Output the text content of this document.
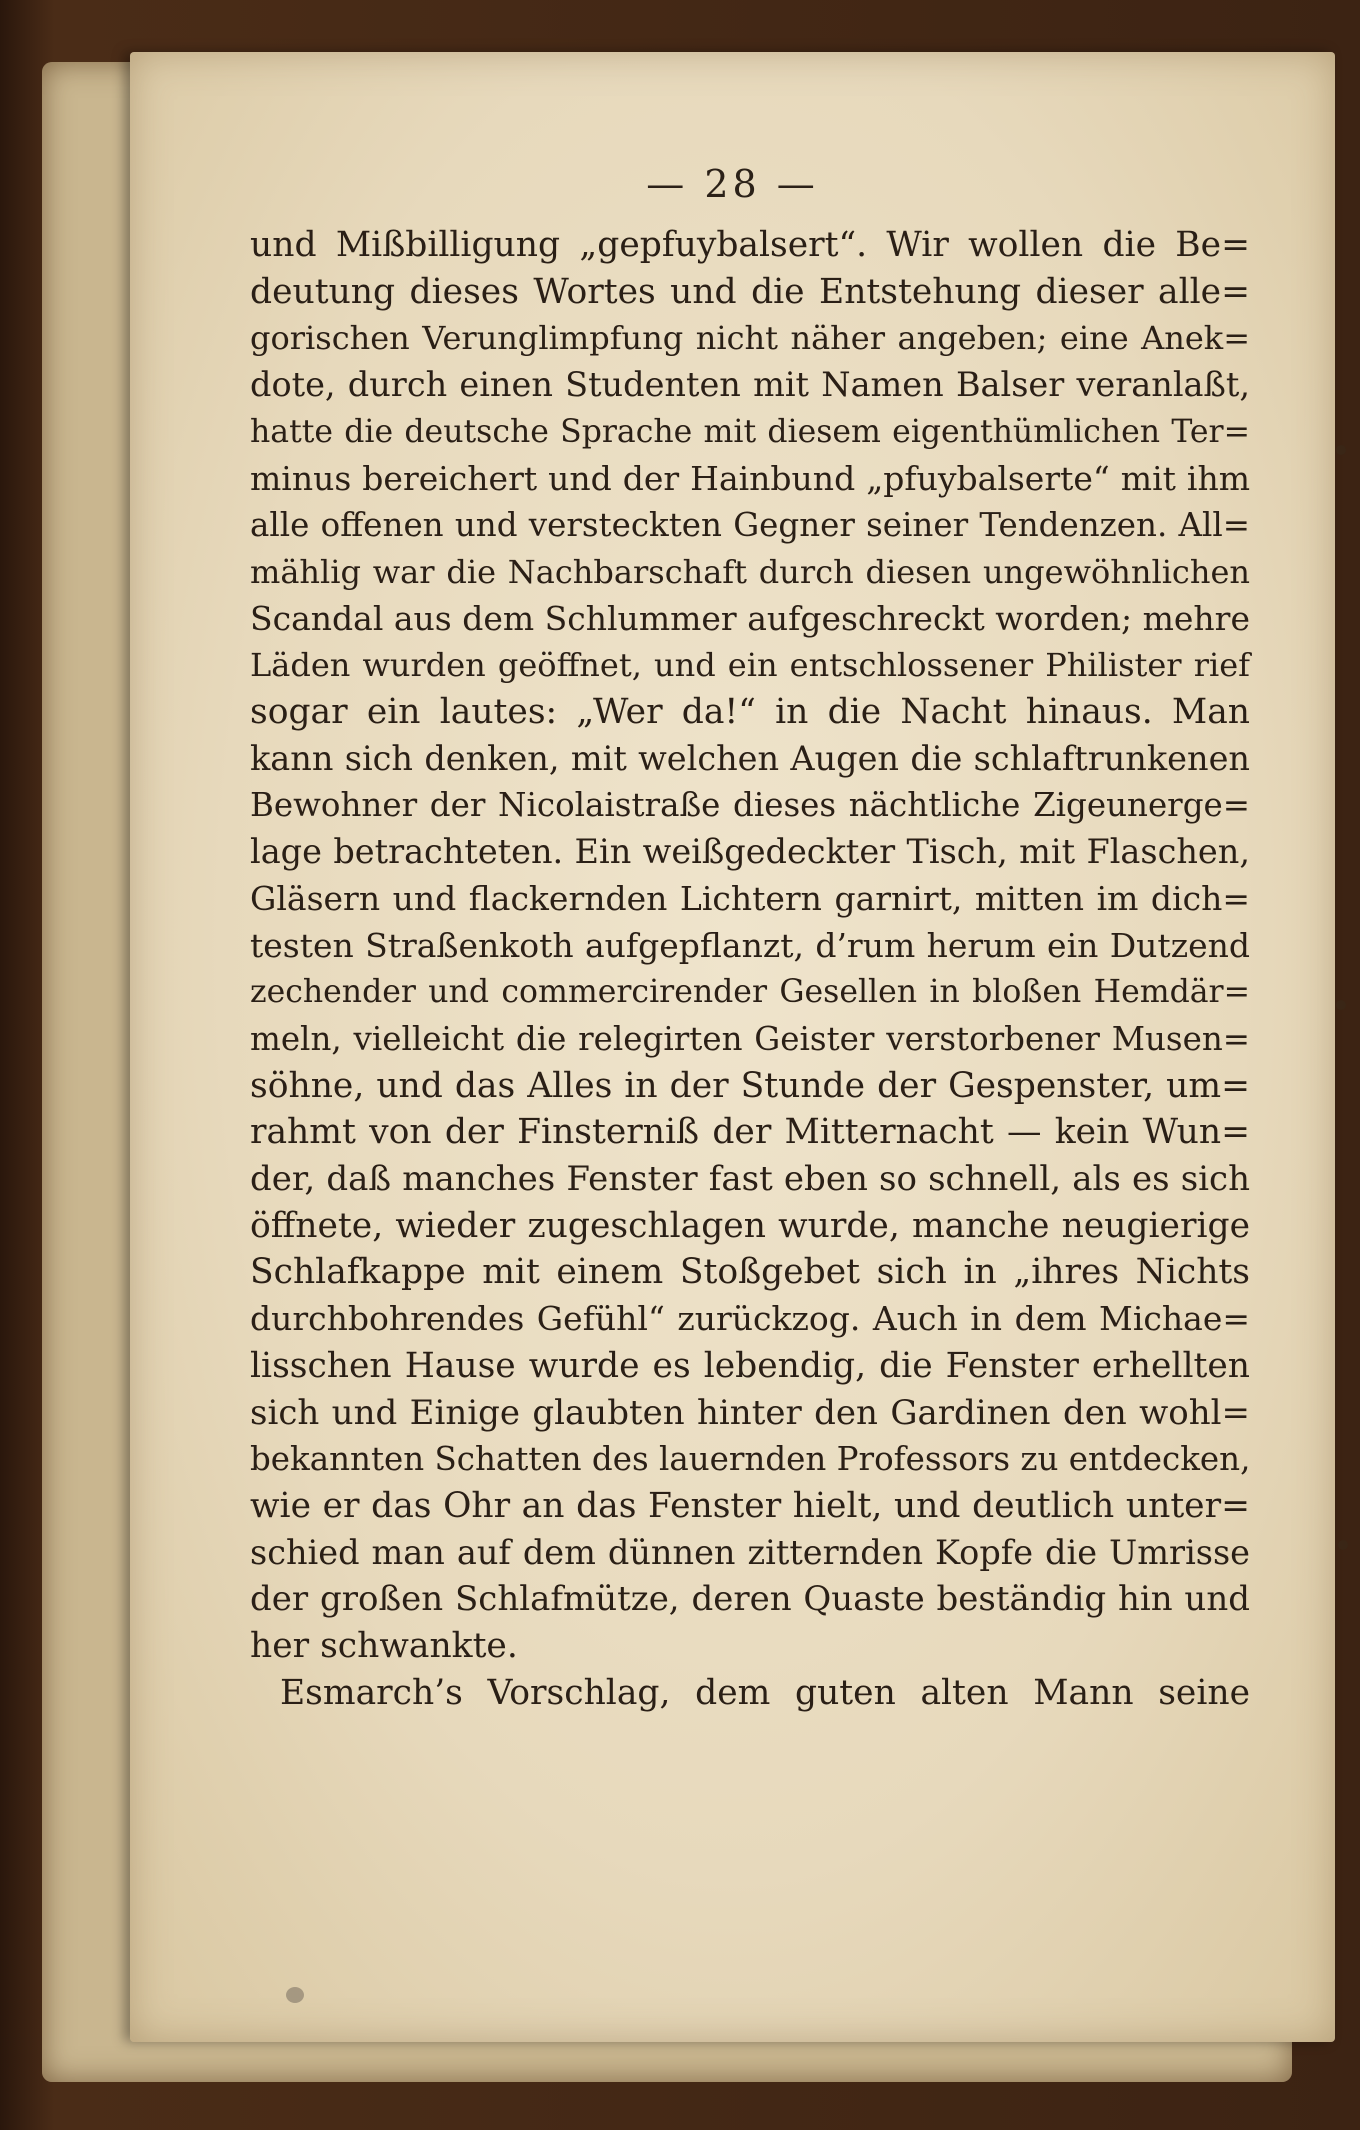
— 28 —
und Mißbilligung „gepfuybalsert“. Wir wollen die Be=
deutung dieses Wortes und die Entstehung dieser alle=
gorischen Verunglimpfung nicht näher angeben; eine Anek=
dote, durch einen Studenten mit Namen Balser veranlaßt,
hatte die deutsche Sprache mit diesem eigenthümlichen Ter=
minus bereichert und der Hainbund „pfuybalserte“ mit ihm
alle offenen und versteckten Gegner seiner Tendenzen. All=
mählig war die Nachbarschaft durch diesen ungewöhnlichen
Scandal aus dem Schlummer aufgeschreckt worden; mehre
Läden wurden geöffnet, und ein entschlossener Philister rief
sogar ein lautes: „Wer da!“ in die Nacht hinaus. Man
kann sich denken, mit welchen Augen die schlaftrunkenen
Bewohner der Nicolaistraße dieses nächtliche Zigeunerge=
lage betrachteten. Ein weißgedeckter Tisch, mit Flaschen,
Gläsern und flackernden Lichtern garnirt, mitten im dich=
testen Straßenkoth aufgepflanzt, d’rum herum ein Dutzend
zechender und commercirender Gesellen in bloßen Hemdär=
meln, vielleicht die relegirten Geister verstorbener Musen=
söhne, und das Alles in der Stunde der Gespenster, um=
rahmt von der Finsterniß der Mitternacht — kein Wun=
der, daß manches Fenster fast eben so schnell, als es sich
öffnete, wieder zugeschlagen wurde, manche neugierige
Schlafkappe mit einem Stoßgebet sich in „ihres Nichts
durchbohrendes Gefühl“ zurückzog. Auch in dem Michae=
lisschen Hause wurde es lebendig, die Fenster erhellten
sich und Einige glaubten hinter den Gardinen den wohl=
bekannten Schatten des lauernden Professors zu entdecken,
wie er das Ohr an das Fenster hielt, und deutlich unter=
schied man auf dem dünnen zitternden Kopfe die Umrisse
der großen Schlafmütze, deren Quaste beständig hin und
her schwankte.
Esmarch’s Vorschlag, dem guten alten Mann seine
